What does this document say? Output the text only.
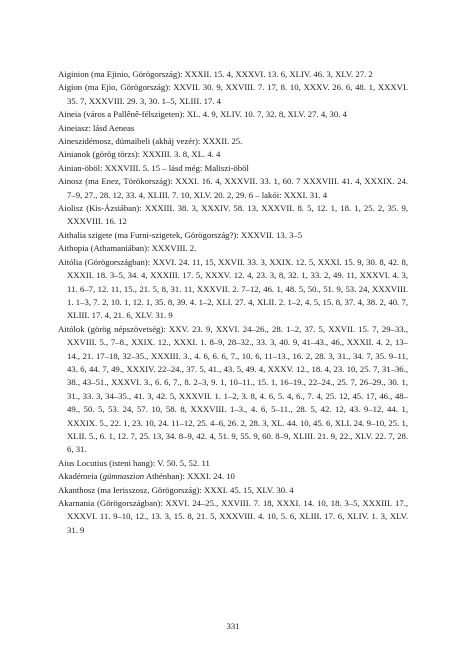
Aiginion (ma Ejinio, Görögország): XXXII. 15. 4, XXXVI. 13. 6, XLIV. 46. 3, XLV. 27. 2

Aigion (ma Ejio, Görögország): XXVII. 30. 9, XXVIII. 7. 17, 8. 10, XXXV. 26. 6, 48. 1, XXXVI. 35. 7, XXXVIII. 29. 3, 30. 1–5, XLIII. 17. 4

Aineia (város a Pallênê-félszigeten): XL. 4. 9, XLIV. 10. 7, 32. 8, XLV. 27. 4, 30. 4

Aineiasz: lásd Aeneas

Aineszidémosz, dümaibeli (akháj vezér): XXXII. 25.

Ainianok (görög törzs): XXXIII. 3. 8, XL. 4. 4

Ainian-öböl: XXXVIII. 5. 15 – lásd még: Maliszi-öböl

Ainosz (ma Enez, Törökország): XXXI. 16. 4, XXXVII. 33. 1, 60. 7 XXXVIII. 41. 4, XXXIX. 24. 7–9, 27., 28. 12, 33. 4, XLIII. 7. 10, XLV. 20. 2, 29. 6 – lakói: XXXI. 31. 4

Aiolisz (Kis-Ázsiában): XXXIII. 38. 3, XXXIV. 58. 13, XXXVII. 8. 5, 12. 1, 18. 1, 25. 2, 35. 9, XXXVIII. 16. 12

Aithalia szigete (ma Furni-szigetek, Görögország?): XXXVII. 13. 3–5

Aithopia (Athamaniában): XXXVIII. 2.

Aitólia (Görögországban): XXVI. 24. 11, 15, XXVII. 33. 3, XXIX. 12. 5, XXXI. 15. 9, 30. 8, 42. 8, XXXII. 18. 3–5, 34. 4, XXXIII. 17. 5, XXXV. 12. 4, 23. 3, 8, 32. 1, 33. 2, 49. 11, XXXVI. 4. 3, 11. 6–7, 12. 11, 15., 21. 5, 8, 31. 11, XXXVII. 2. 7–12, 46. 1, 48. 5, 50., 51. 9, 53. 24, XXXVIII. 1. 1–3, 7. 2, 10. 1, 12. 1, 35. 8, 39. 4. 1–2, XLI. 27. 4, XLII. 2. 1–2, 4. 5, 15. 8, 37. 4, 38. 2, 40. 7, XLIII. 17. 4, 21. 6, XLV. 31. 9

Aitólok (görög népszövetség): XXV. 23. 9, XXVI. 24–26., 28. 1–2, 37. 5, XXVII. 15. 7, 29–33., XXVIII. 5., 7–8., XXIX. 12., XXXI. 1. 8–9, 28–32., 33. 3, 40. 9, 41–43., 46., XXXII. 4. 2, 13–14., 21. 17–18, 32–35., XXXIII. 3., 4. 6, 6. 6, 7., 10. 6, 11–13., 16. 2, 28. 3, 31., 34. 7, 35. 9–11, 43. 6, 44. 7, 49., XXXIV. 22–24., 37. 5, 41., 43. 5, 49. 4, XXXV. 12., 18. 4, 23. 10, 25. 7, 31–36., 38., 43–51., XXXVI. 3., 6. 6, 7., 8. 2–3, 9. 1, 10–11., 15. 1, 16–19., 22–24., 25. 7, 26–29., 30. 1, 31., 33. 3, 34–35., 41. 3, 42. 5, XXXVII. 1. 1–2, 3. 8, 4. 6, 5. 4, 6., 7. 4, 25. 12, 45. 17, 46., 48–49., 50. 5, 53. 24, 57. 10, 58. 8, XXXVIII. 1–3., 4. 6, 5–11., 28. 5, 42. 12, 43. 9–12, 44. 1, XXXIX. 5., 22. 1, 23. 10, 24. 11–12, 25. 4–6, 26. 2, 28. 3, XL. 44. 10, 45. 6, XLI. 24. 9–10, 25. 1, XLII. 5., 6. 1, 12. 7, 25. 13, 34. 8–9, 42. 4, 51. 9, 55. 9, 60. 8–9, XLIII. 21. 9, 22., XLV. 22. 7, 28. 6, 31.

Aius Locutius (isteni hang): V. 50. 5, 52. 11

Akadémeia (gümnaszion Athénban): XXXI. 24. 10

Akanthosz (ma Ierisszosz, Görögország): XXXI. 45. 15, XLV. 30. 4

Akarnania (Görögországban): XXVI. 24–25., XXVIII. 7. 18, XXXI. 14. 10, 18. 3–5, XXXIII. 17., XXXVI. 11. 9–10, 12., 13. 3, 15. 8, 21. 5, XXXVIII. 4. 10, 5. 6, XLIII. 17. 6, XLIV. 1. 3, XLV. 31. 9

331
